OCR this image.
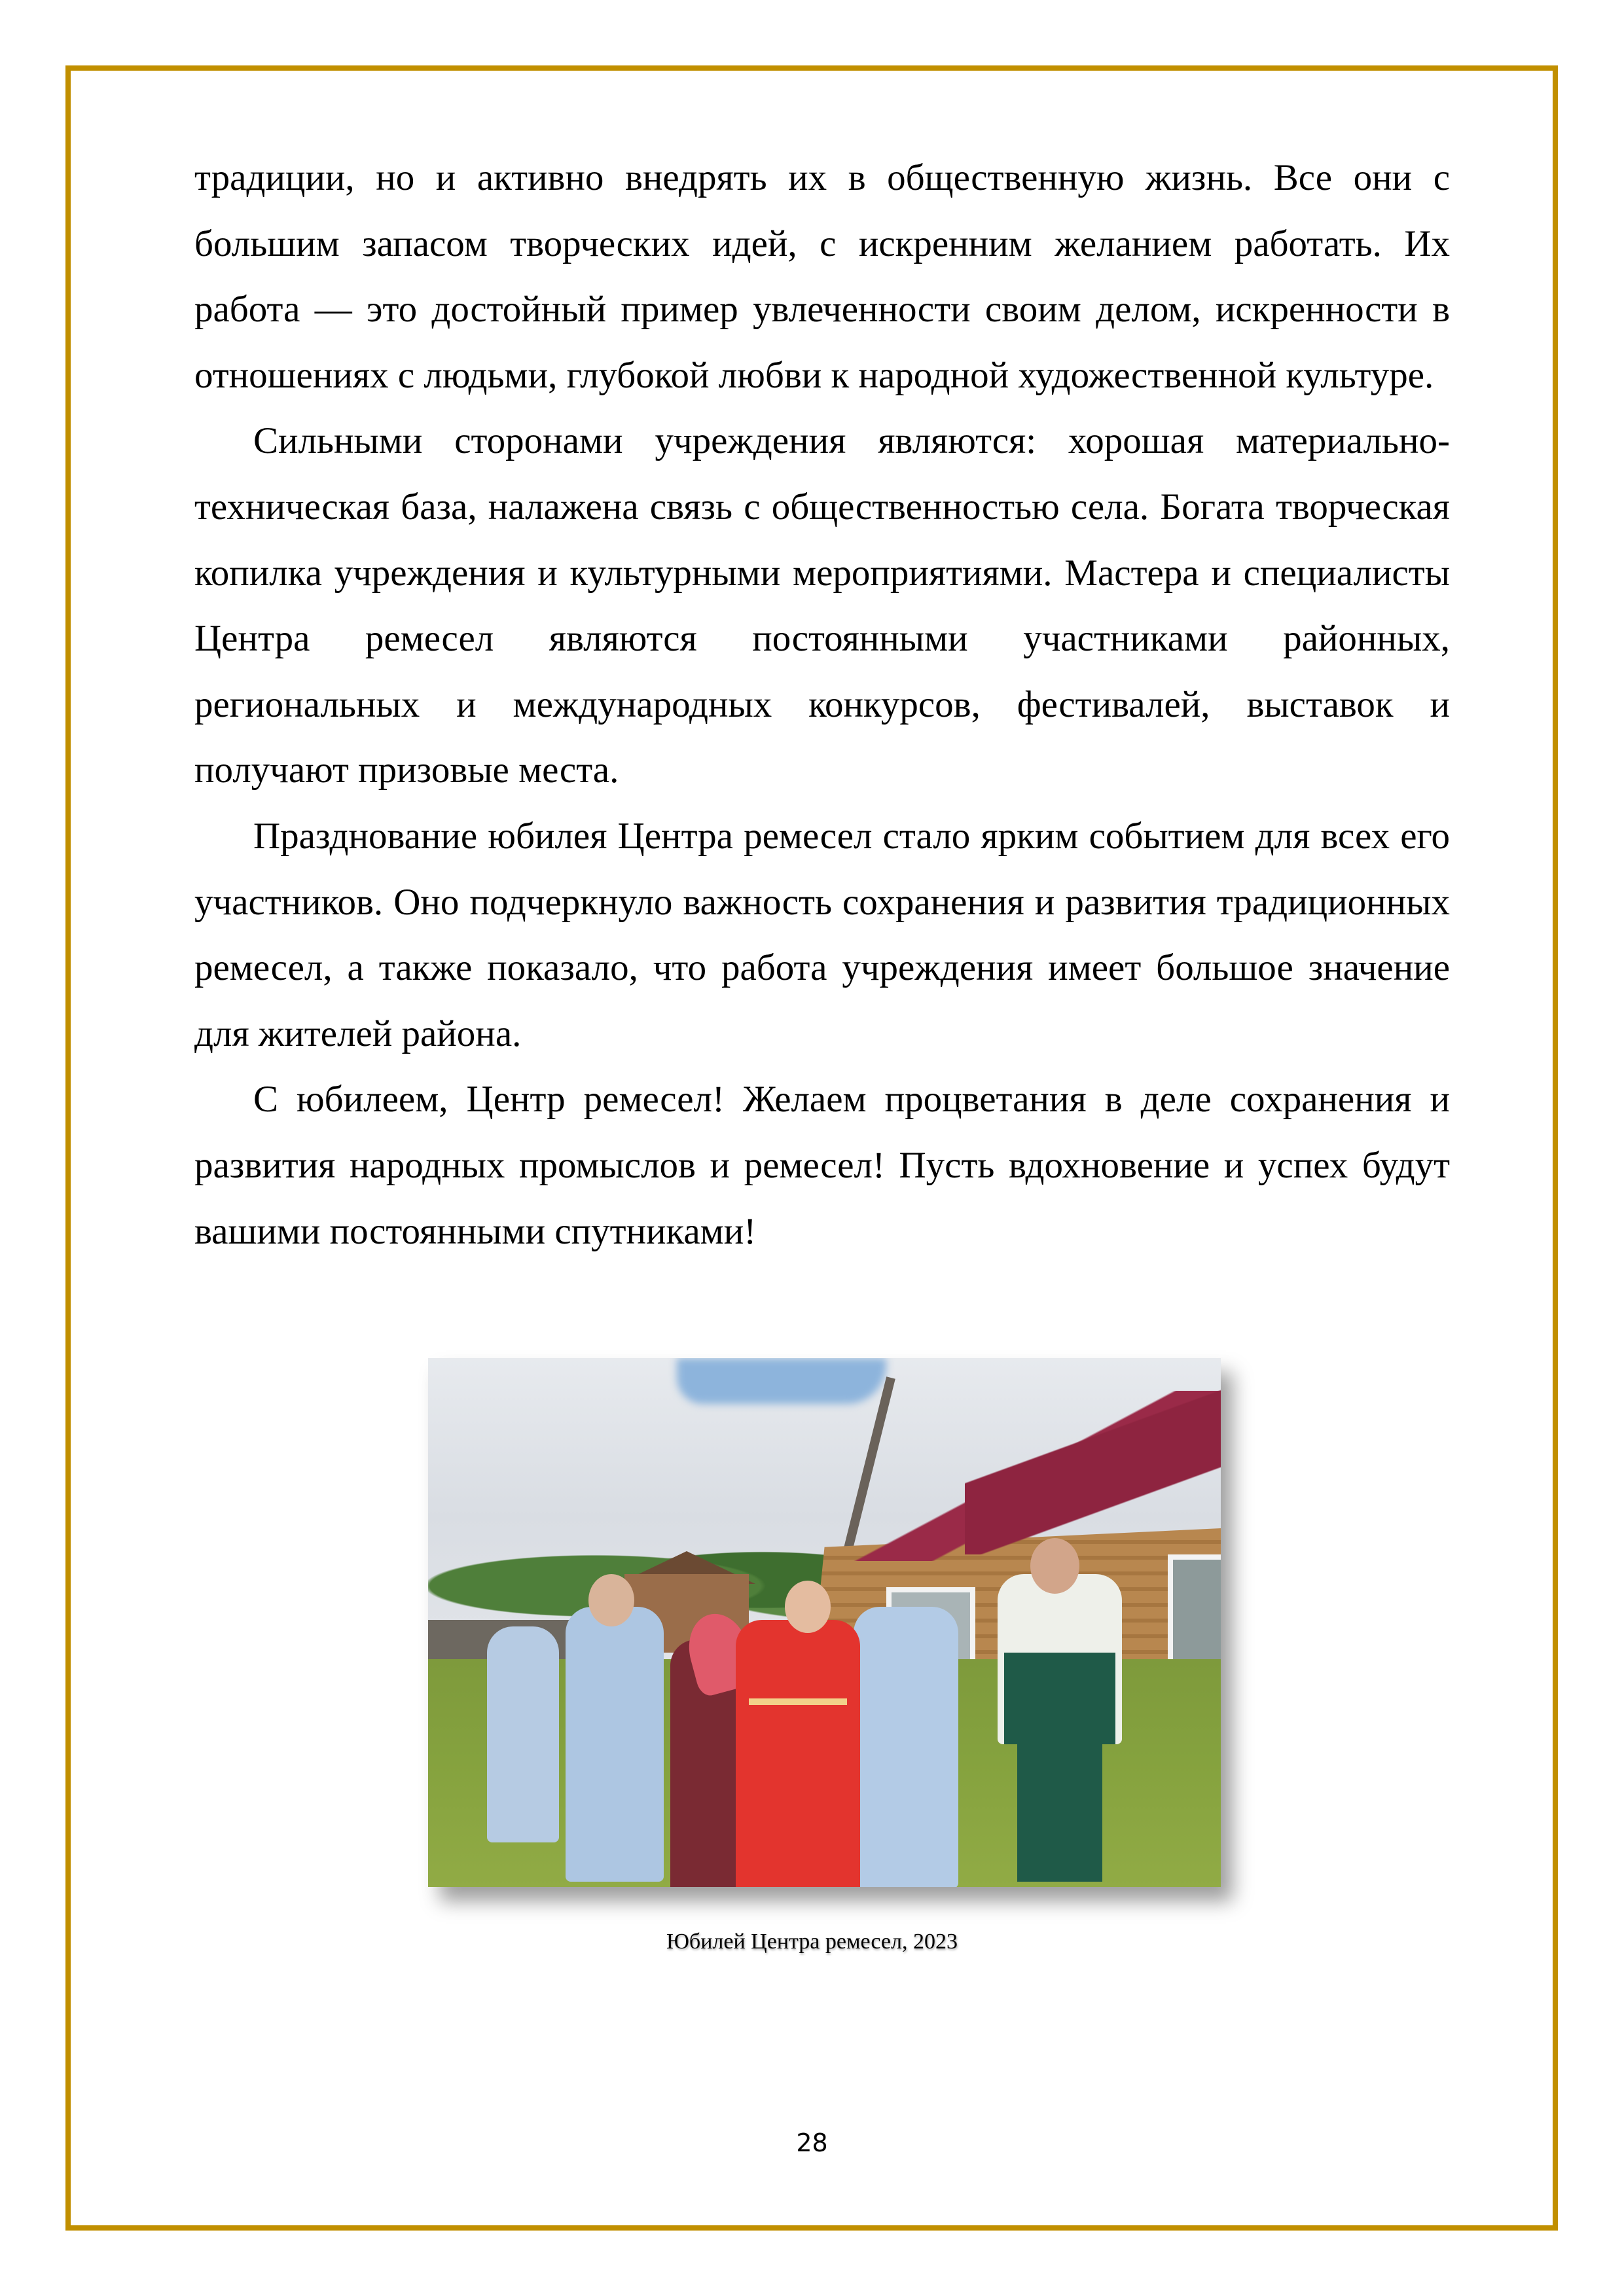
традиции, но и активно внедрять их в общественную жизнь. Все они с большим запасом творческих идей, с искренним желанием работать. Их работа — это достойный пример увлеченности своим делом, искренности в отношениях с людьми, глубокой любви к народной художественной культуре.

Сильными сторонами учреждения являются: хорошая материально-техническая база, налажена связь с общественностью села. Богата творческая копилка учреждения и культурными мероприятиями. Мастера и специалисты Центра ремесел являются постоянными участниками районных, региональных и международных конкурсов, фестивалей, выставок и получают призовые места.

Празднование юбилея Центра ремесел стало ярким событием для всех его участников. Оно подчеркнуло важность сохранения и развития традиционных ремесел, а также показало, что работа учреждения имеет большое значение для жителей района.

С юбилеем, Центр ремесел! Желаем процветания в деле сохранения и развития народных промыслов и ремесел! Пусть вдохновение и успех будут вашими постоянными спутниками!

Юбилей Центра ремесел, 2023
28
